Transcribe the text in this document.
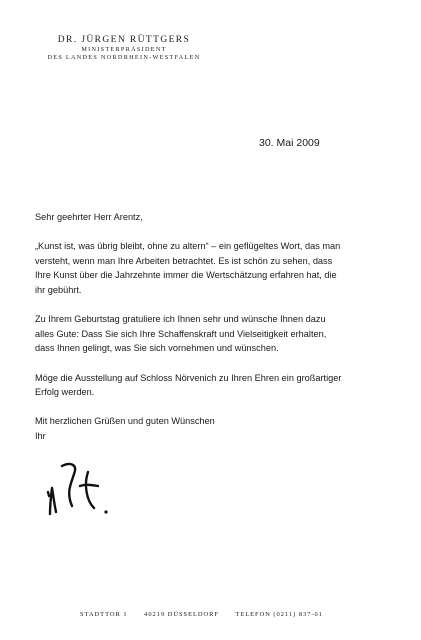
DR. JÜRGEN RÜTTGERS
MINISTERPRÄSIDENT
DES LANDES NORDRHEIN-WESTFALEN
30. Mai 2009

Sehr geehrter Herr Arentz,

„Kunst ist, was übrig bleibt, ohne zu altern“ – ein geflügeltes Wort, das man

versteht, wenn man Ihre Arbeiten betrachtet. Es ist schön zu sehen, dass

Ihre Kunst über die Jahrzehnte immer die Wertschätzung erfahren hat, die

ihr gebührt.

Zu Ihrem Geburtstag gratuliere ich Ihnen sehr und wünsche Ihnen dazu

alles Gute: Dass Sie sich Ihre Schaffenskraft und Vielseitigkeit erhalten,

dass Ihnen gelingt, was Sie sich vornehmen und wünschen.

Möge die Ausstellung auf Schloss Nörvenich zu Ihren Ehren ein großartiger

Erfolg werden.

Mit herzlichen Grüßen und guten Wünschen

Ihr

STADTTOR 1	40219 DÜSSELDORF	TELEFON (0211) 837-01
